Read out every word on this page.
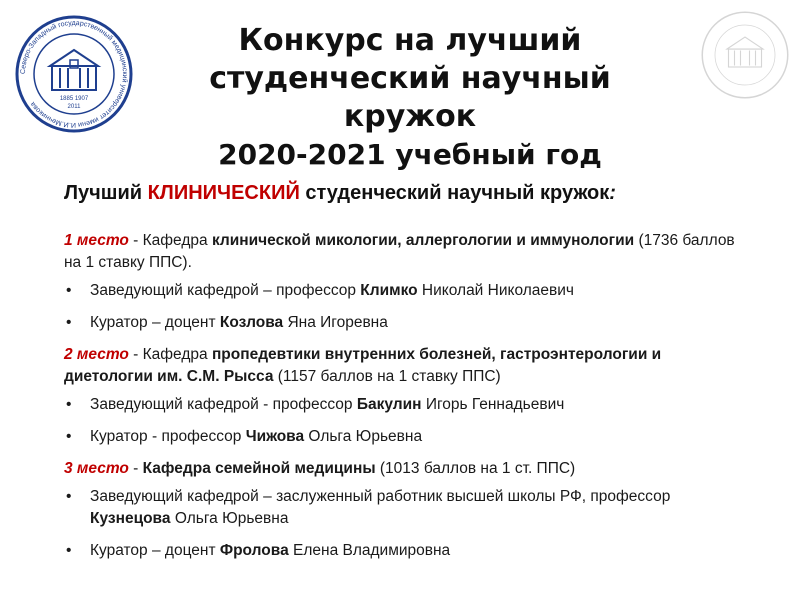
1885 1907
2011
Северо-Западный государственный медицинский университет имени И.И.Мечникова
Конкурс на лучший
студенческий научный кружок
2020-2021 учебный год
Лучший КЛИНИЧЕСКИЙ студенческий научный кружок:
1 место - Кафедра клинической микологии, аллергологии и иммунологии (1736 баллов на 1 ставку ППС).
• Заведующий кафедрой – профессор Климко Николай Николаевич
• Куратор – доцент Козлова Яна Игоревна
2 место - Кафедра пропедевтики внутренних болезней, гастроэнтерологии и диетологии им. С.М. Рысса (1157 баллов на 1 ставку ППС)
• Заведующий кафедрой - профессор Бакулин Игорь Геннадьевич
• Куратор - профессор Чижова Ольга Юрьевна
3 место - Кафедра семейной медицины (1013 баллов на 1 ст. ППС)
• Заведующий кафедрой – заслуженный работник высшей школы РФ, профессор Кузнецова Ольга Юрьевна
• Куратор – доцент Фролова Елена Владимировна
